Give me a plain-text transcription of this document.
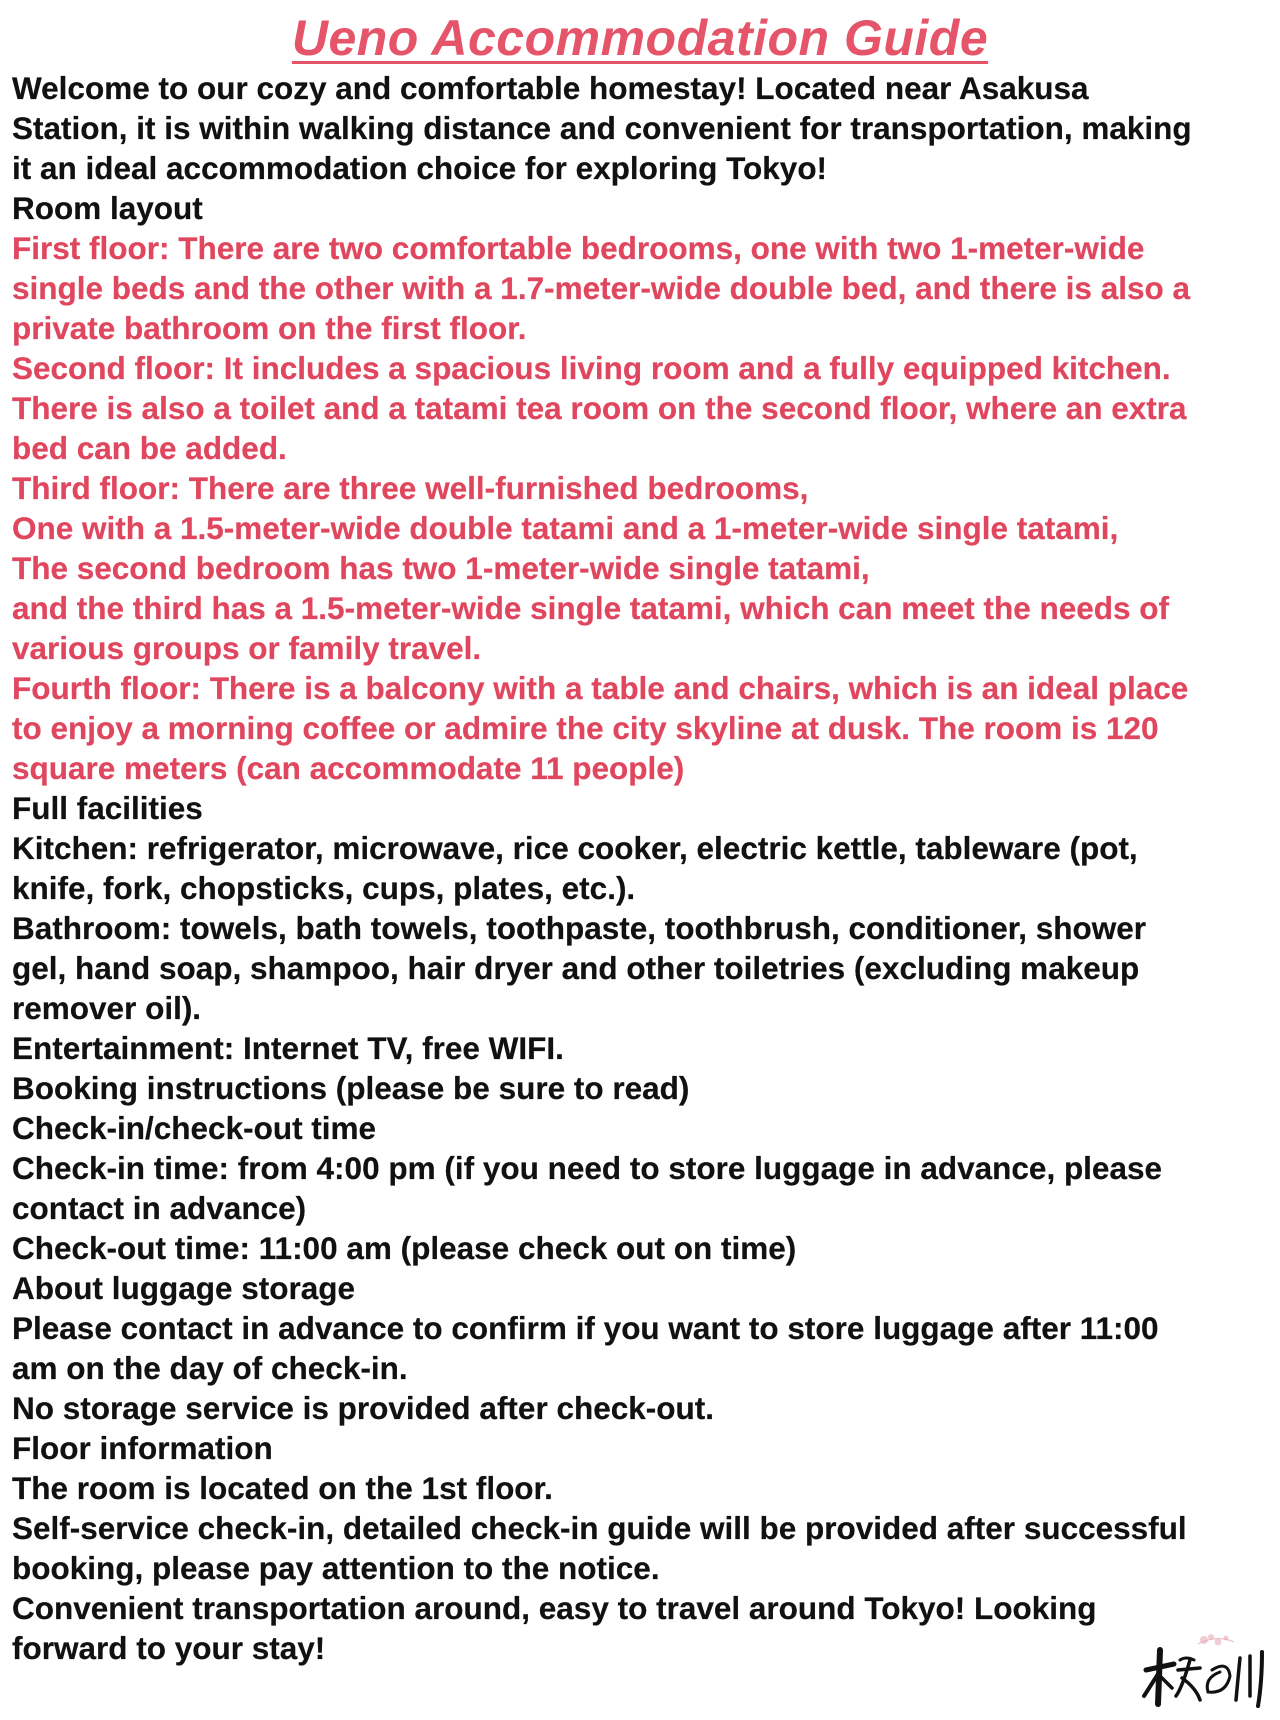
Ueno Accommodation Guide
Welcome to our cozy and comfortable homestay! Located near Asakusa
Station, it is within walking distance and convenient for transportation, making
it an ideal accommodation choice for exploring Tokyo!
Room layout
First floor: There are two comfortable bedrooms, one with two 1-meter-wide
single beds and the other with a 1.7-meter-wide double bed, and there is also a
private bathroom on the first floor.
Second floor: It includes a spacious living room and a fully equipped kitchen.
There is also a toilet and a tatami tea room on the second floor, where an extra
bed can be added.
Third floor: There are three well-furnished bedrooms,
One with a 1.5-meter-wide double tatami and a 1-meter-wide single tatami,
The second bedroom has two 1-meter-wide single tatami,
and the third has a 1.5-meter-wide single tatami, which can meet the needs of
various groups or family travel.
Fourth floor: There is a balcony with a table and chairs, which is an ideal place
to enjoy a morning coffee or admire the city skyline at dusk. The room is 120
square meters (can accommodate 11 people)
Full facilities
Kitchen: refrigerator, microwave, rice cooker, electric kettle, tableware (pot,
knife, fork, chopsticks, cups, plates, etc.).
Bathroom: towels, bath towels, toothpaste, toothbrush, conditioner, shower
gel, hand soap, shampoo, hair dryer and other toiletries (excluding makeup
remover oil).
Entertainment: Internet TV, free WIFI.
Booking instructions (please be sure to read)
Check-in/check-out time
Check-in time: from 4:00 pm (if you need to store luggage in advance, please
contact in advance)
Check-out time: 11:00 am (please check out on time)
About luggage storage
Please contact in advance to confirm if you want to store luggage after 11:00
am on the day of check-in.
No storage service is provided after check-out.
Floor information
The room is located on the 1st floor.
Self-service check-in, detailed check-in guide will be provided after successful
booking, please pay attention to the notice.
Convenient transportation around, easy to travel around Tokyo! Looking
forward to your stay!
